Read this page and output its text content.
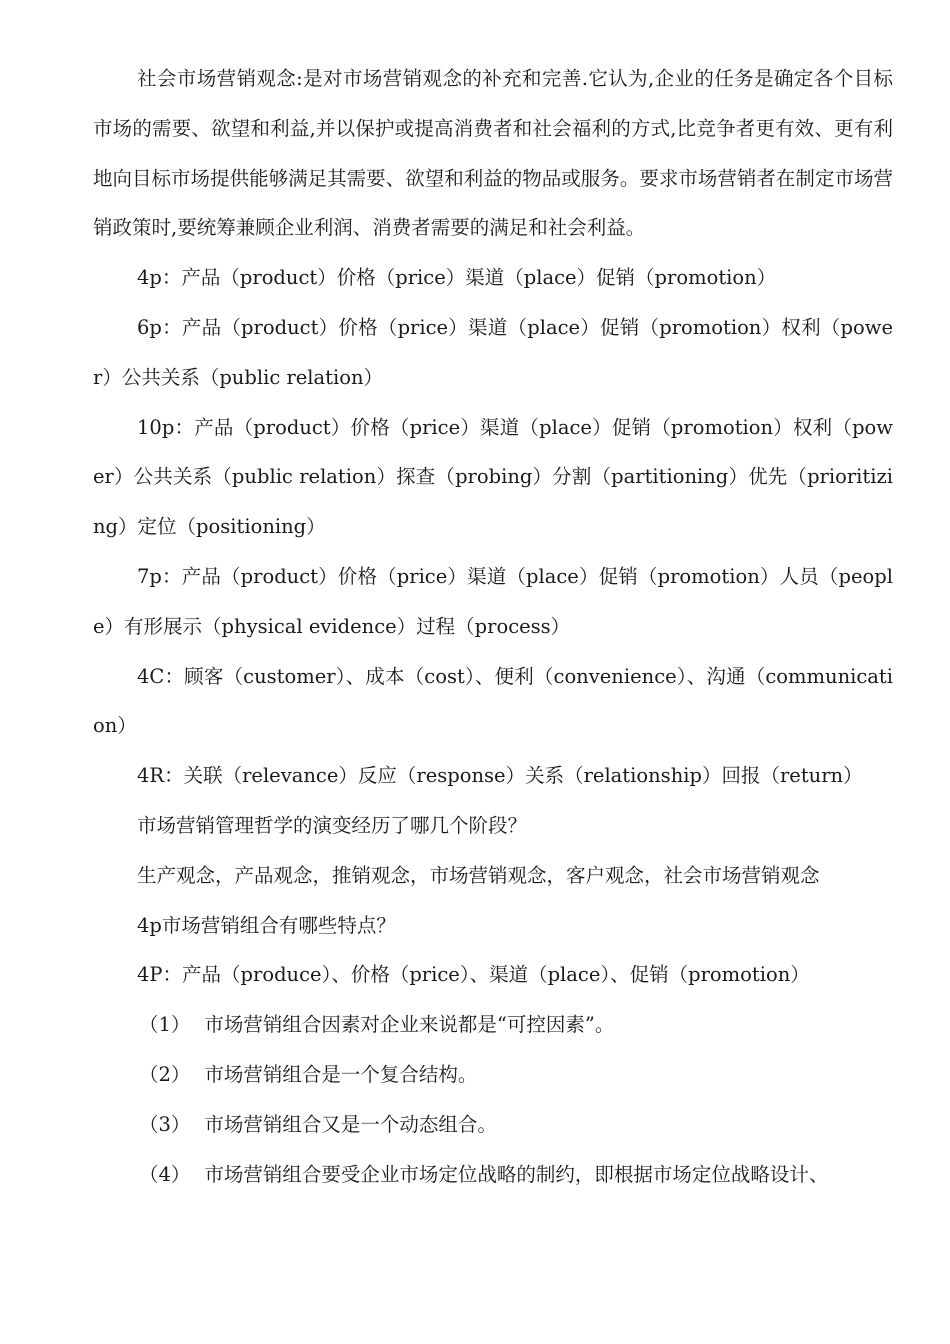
社会市场营销观念:是对市场营销观念的补充和完善.它认为,企业的任务是确定各个目标市场的需要、欲望和利益,并以保护或提高消费者和社会福利的方式,比竞争者更有效、更有利地向目标市场提供能够满足其需要、欲望和利益的物品或服务。要求市场营销者在制定市场营销政策时,要统筹兼顾企业利润、消费者需要的满足和社会利益。

4p：产品（product）价格（price）渠道（place）促销（promotion）

6p：产品（product）价格（price）渠道（place）促销（promotion）权利（power）公共关系（public relation）

10p：产品（product）价格（price）渠道（place）促销（promotion）权利（power）公共关系（public relation）探查（probing）分割（partitioning）优先（prioritizing）定位（positioning）

7p：产品（product）价格（price）渠道（place）促销（promotion）人员（people）有形展示（physical evidence）过程（process）

4C：顾客（customer）、成本（cost）、便利（convenience）、沟通（communication）

4R：关联（relevance）反应（response）关系（relationship）回报（return）

市场营销管理哲学的演变经历了哪几个阶段？

生产观念，产品观念，推销观念，市场营销观念，客户观念，社会市场营销观念

4p市场营销组合有哪些特点？

4P：产品（produce）、价格（price）、渠道（place）、促销（promotion）

（1） 市场营销组合因素对企业来说都是“可控因素”。

（2） 市场营销组合是一个复合结构。

（3） 市场营销组合又是一个动态组合。

（4） 市场营销组合要受企业市场定位战略的制约，即根据市场定位战略设计、
